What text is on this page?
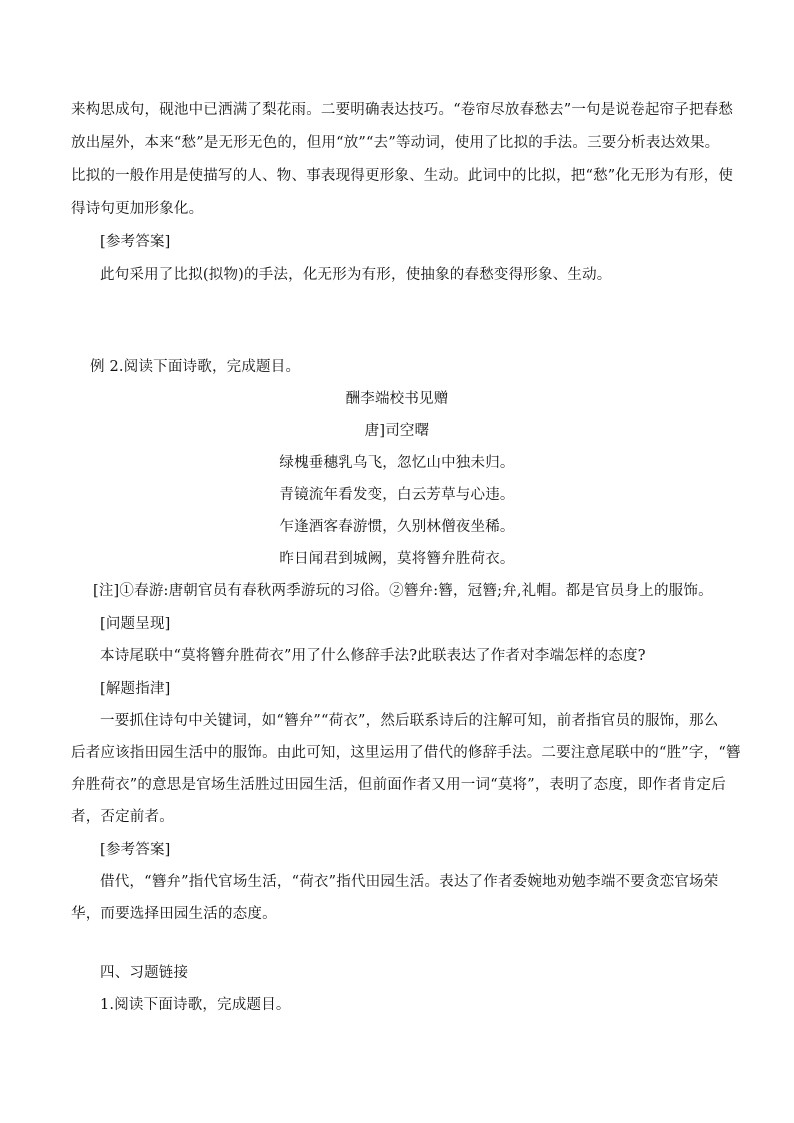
来构思成句，砚池中已洒满了梨花雨。二要明确表达技巧。“卷帘尽放春愁去”一句是说卷起帘子把春愁
放出屋外，本来“愁”是无形无色的，但用“放”“去”等动词，使用了比拟的手法。三要分析表达效果。
比拟的一般作用是使描写的人、物、事表现得更形象、生动。此词中的比拟，把“愁”化无形为有形，使
得诗句更加形象化。
[参考答案]
此句采用了比拟(拟物)的手法，化无形为有形，使抽象的春愁变得形象、生动。
例 2.阅读下面诗歌，完成题目。
酬李端校书见赠
唐]司空曙
绿槐垂穗乳乌飞，忽忆山中独未归。
青镜流年看发变，白云芳草与心违。
乍逢酒客春游惯，久别林僧夜坐稀。
昨日闻君到城阙，莫将簪弁胜荷衣。
[注]①春游:唐朝官员有春秋两季游玩的习俗。②簪弁:簪，冠簪;弁,礼帽。都是官员身上的服饰。
[问题呈现]
本诗尾联中“莫将簪弁胜荷衣”用了什么修辞手法?此联表达了作者对李端怎样的态度?
[解题指津]
一要抓住诗句中关键词，如“簪弁”“荷衣”，然后联系诗后的注解可知，前者指官员的服饰，那么
后者应该指田园生活中的服饰。由此可知，这里运用了借代的修辞手法。二要注意尾联中的“胜”字，“簪
弁胜荷衣”的意思是官场生活胜过田园生活，但前面作者又用一词“莫将”，表明了态度，即作者肯定后
者，否定前者。
[参考答案]
借代，“簪弁”指代官场生活，“荷衣”指代田园生活。表达了作者委婉地劝勉李端不要贪恋官场荣
华，而要选择田园生活的态度。
四、习题链接
1.阅读下面诗歌，完成题目。
